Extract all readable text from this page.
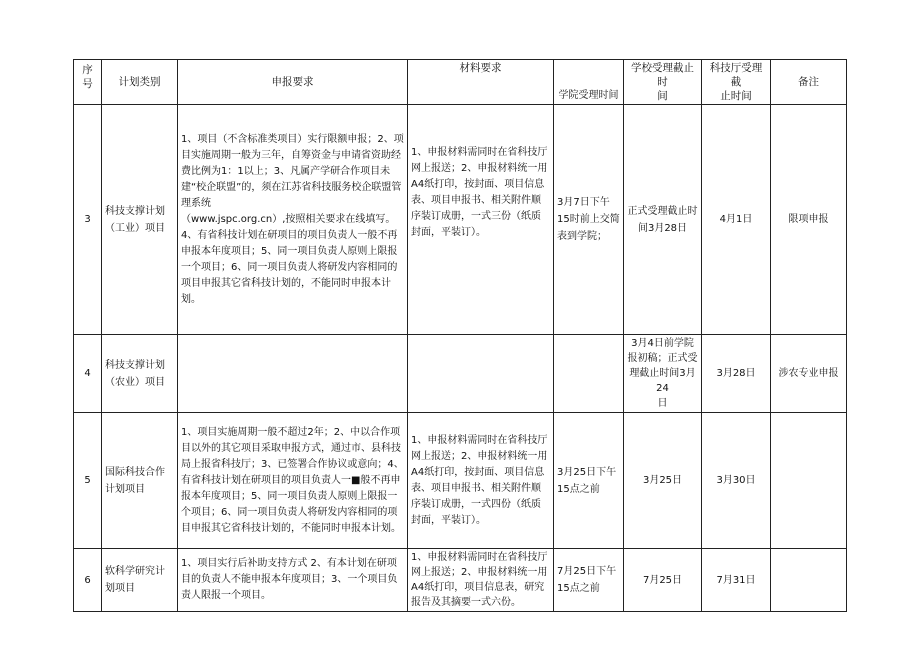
序
号	计划类别	申报要求	材料要求	学院受理时间	学校受理截止时
间	科技厅受理截
止时间	备注
3	科技支撑计划（工业）项目	1、项目（不含标准类项目）实行限额申报；2、项目实施周期一般为三年，自筹资金与申请省资助经费比例为1：1以上；3、凡属产学研合作项目未建“校企联盟”的，须在江苏省科技服务校企联盟管理系统
（www.jspc.org.cn）,按照相关要求在线填写。
4、有省科技计划在研项目的项目负责人一般不再申报本年度项目；5、同一项目负责人原则上限报一个项目；6、同一项目负责人将研发内容相同的项目申报其它省科技计划的，不能同时申报本计划。	1、申报材料需同时在省科技厅网上报送；2、申报材料统一用A4纸打印，按封面、项目信息表、项目申报书、相关附件顺序装订成册，一式三份（纸质封面，平装订）。	3月7日下午15时前上交简表到学院；	正式受理截止时间3月28日	4月1日	限项申报
4	科技支撑计划（农业）项目				3月4日前学院报初稿；正式受理截止时间3月
24
日	3月28日	涉农专业申报
5	国际科技合作计划项目	1、项目实施周期一般不超过2年；2、中以合作项目以外的其它项目采取申报方式，通过市、县科技局上报省科技厅；3、已签署合作协议或意向；4、有省科技计划在研项目的项目负责人一■般不再申报本年度项目；5、同一项目负责人原则上限报一个项目；6、同一项目负责人将研发内容相同的项目申报其它省科技计划的，不能同时申报本计划。	1、申报材料需同时在省科技厅网上报送；2、申报材料统一用A4纸打印，按封面、项目信息表、项目申报书、相关附件顺序装订成册，一式四份（纸质封面，平装订）。	3月25日下午15点之前	3月25日	3月30日	
6	软科学研究计划项目	1、项目实行后补助支持方式 2、有本计划在研项目的负责人不能申报本年度项目；3、一个项目负责人限报一个项目。	1、申报材料需同时在省科技厅网上报送；2、申报材料统一用A4纸打印，项目信息表，研究报告及其摘要一式六份。	7月25日下午15点之前	7月25日	7月31日	
